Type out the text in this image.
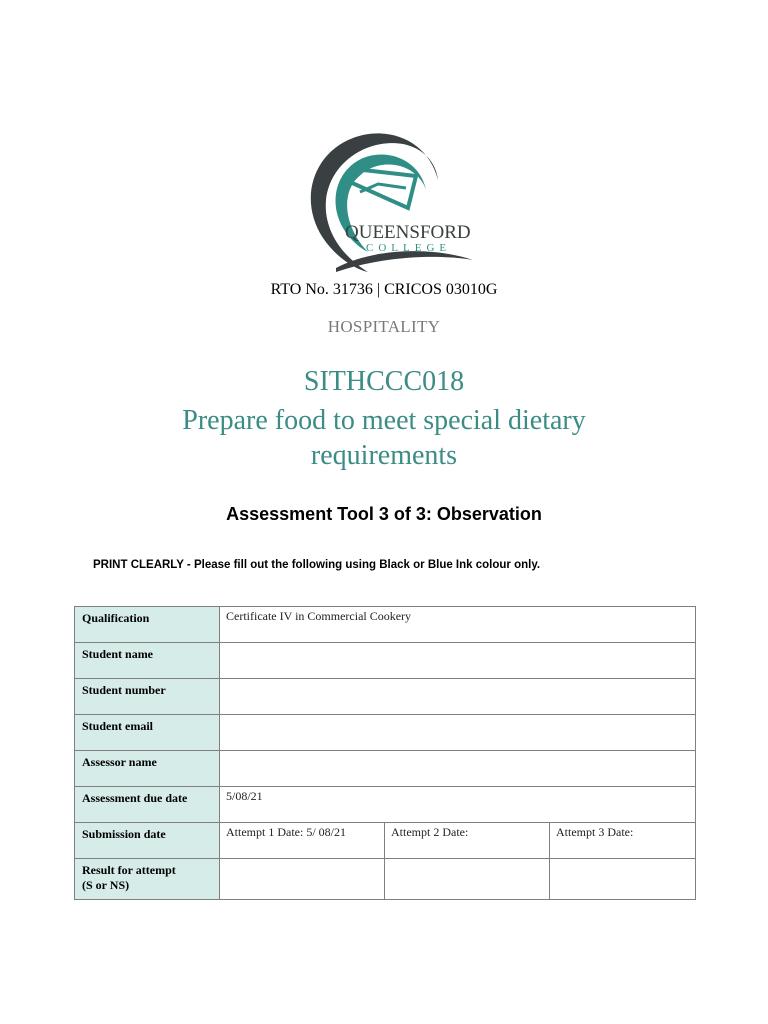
QUEENSFORD
COLLEGE
RTO No. 31736 | CRICOS 03010G
HOSPITALITY
SITHCCC018
Prepare food to meet special dietary requirements
Assessment Tool 3 of 3: Observation
PRINT CLEARLY - Please fill out the following using Black or Blue Ink colour only.
Qualification	Certificate IV in Commercial Cookery		
Student name			
Student number			
Student email			
Assessor name			
Assessment due date	5/08/21		
Submission date	Attempt 1 Date: 5/ 08/21	Attempt 2 Date:	Attempt 3 Date:
Result for attempt
(S or NS)			
